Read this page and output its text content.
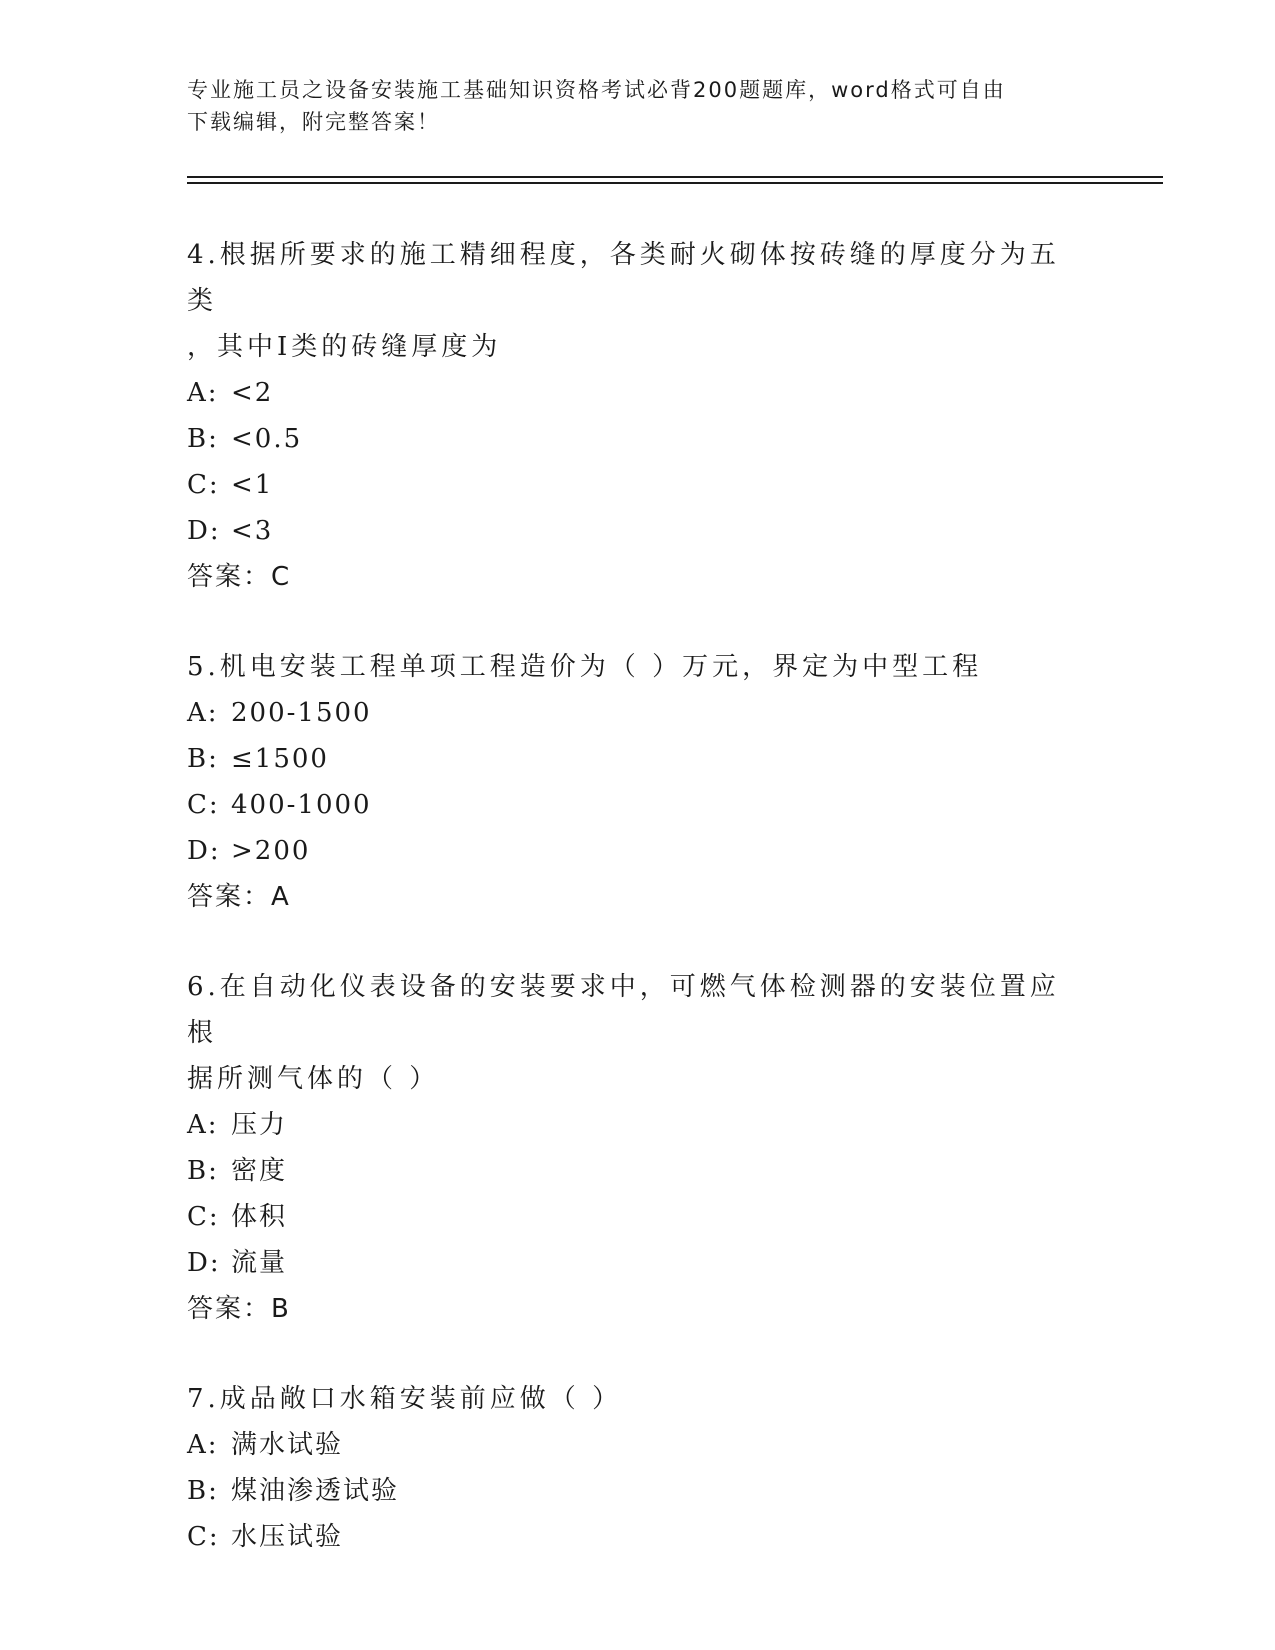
专业施工员之设备安装施工基础知识资格考试必背200题题库，word格式可自由
下载编辑，附完整答案！

4.根据所要求的施工精细程度，各类耐火砌体按砖缝的厚度分为五类
，其中Ⅰ类的砖缝厚度为

A: <2

B: <0.5

C: <1

D: <3

答案：C

5.机电安装工程单项工程造价为（ ）万元，界定为中型工程

A: 200-1500

B: ≤1500

C: 400-1000

D: >200

答案：A

6.在自动化仪表设备的安装要求中，可燃气体检测器的安装位置应根
据所测气体的（ ）

A: 压力

B: 密度

C: 体积

D: 流量

答案：B

7.成品敞口水箱安装前应做（ ）

A: 满水试验

B: 煤油渗透试验

C: 水压试验
